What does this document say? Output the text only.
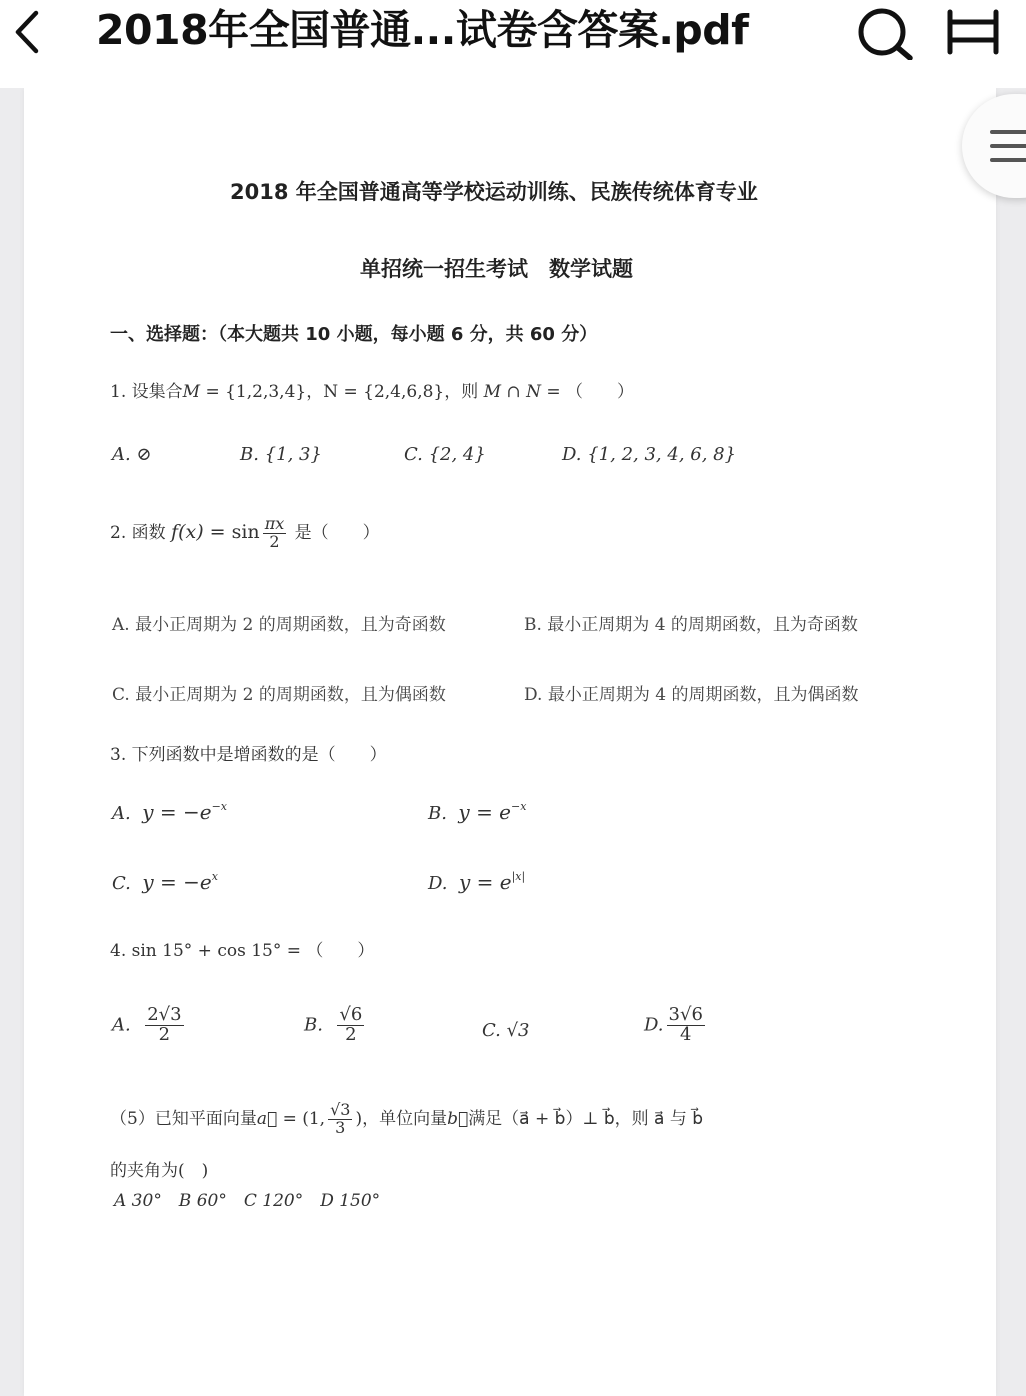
2018年全国普通...试卷含答案.pdf
2018 年全国普通高等学校运动训练、民族传统体育专业
单招统一招生考试　数学试题
一、选择题：（本大题共 10 小题，每小题 6 分，共 60 分）
1. 设集合M = {1,2,3,4}，N = {2,4,6,8}，则 M ∩ N = （　　）
A. ⊘	B. {1, 3}	C. {2, 4}	D. {1, 2, 3, 4, 6, 8}
2. 函数 $f(x) = \sin \frac{\pi x}{2}$ 是（　　）
A. 最小正周期为 2 的周期函数，且为奇函数	B. 最小正周期为 4 的周期函数，且为奇函数
C. 最小正周期为 2 的周期函数，且为偶函数	D. 最小正周期为 4 的周期函数，且为偶函数
3. 下列函数中是增函数的是（　　）
A. $y = -e^{-x}$	B. $y = e^{-x}$
C. $y = -e^x$	D. $y = e^{|x|}$
4. sin 15° + cos 15° = （　　）
A. $\frac{2√3}{2}$	B. $\frac{√6}{2}$	C. √3	D. $\frac{3√6}{4}$
（5）已知平面向量a⃗ = (1, $\frac{√3}{3}$ )，单位向量b⃗满足（a⃗ + b⃗）⊥ b⃗，则 a⃗ 与 b⃗
的夹角为(　)
A 30°　B 60°　C 120°　D 150°
